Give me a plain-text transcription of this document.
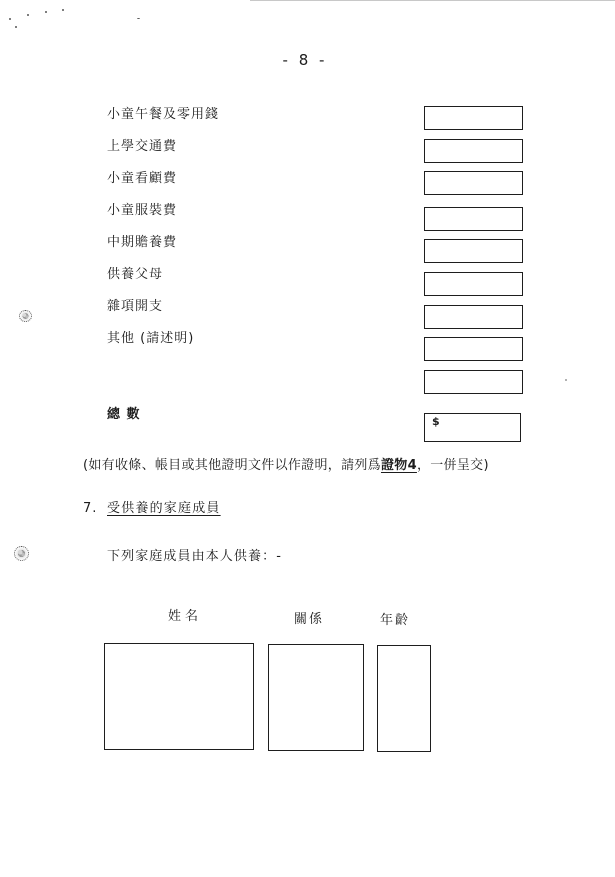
- 8 -
小童午餐及零用錢
上學交通費
小童看顧費
小童服裝費
中期贍養費
供養父母
雜項開支
其他 (請述明)
總 數	$
(如有收條、帳目或其他證明文件以作證明，請列爲證物4，一併呈交)
7. 受供養的家庭成員
下列家庭成員由本人供養：-
姓名	關係	年齡
